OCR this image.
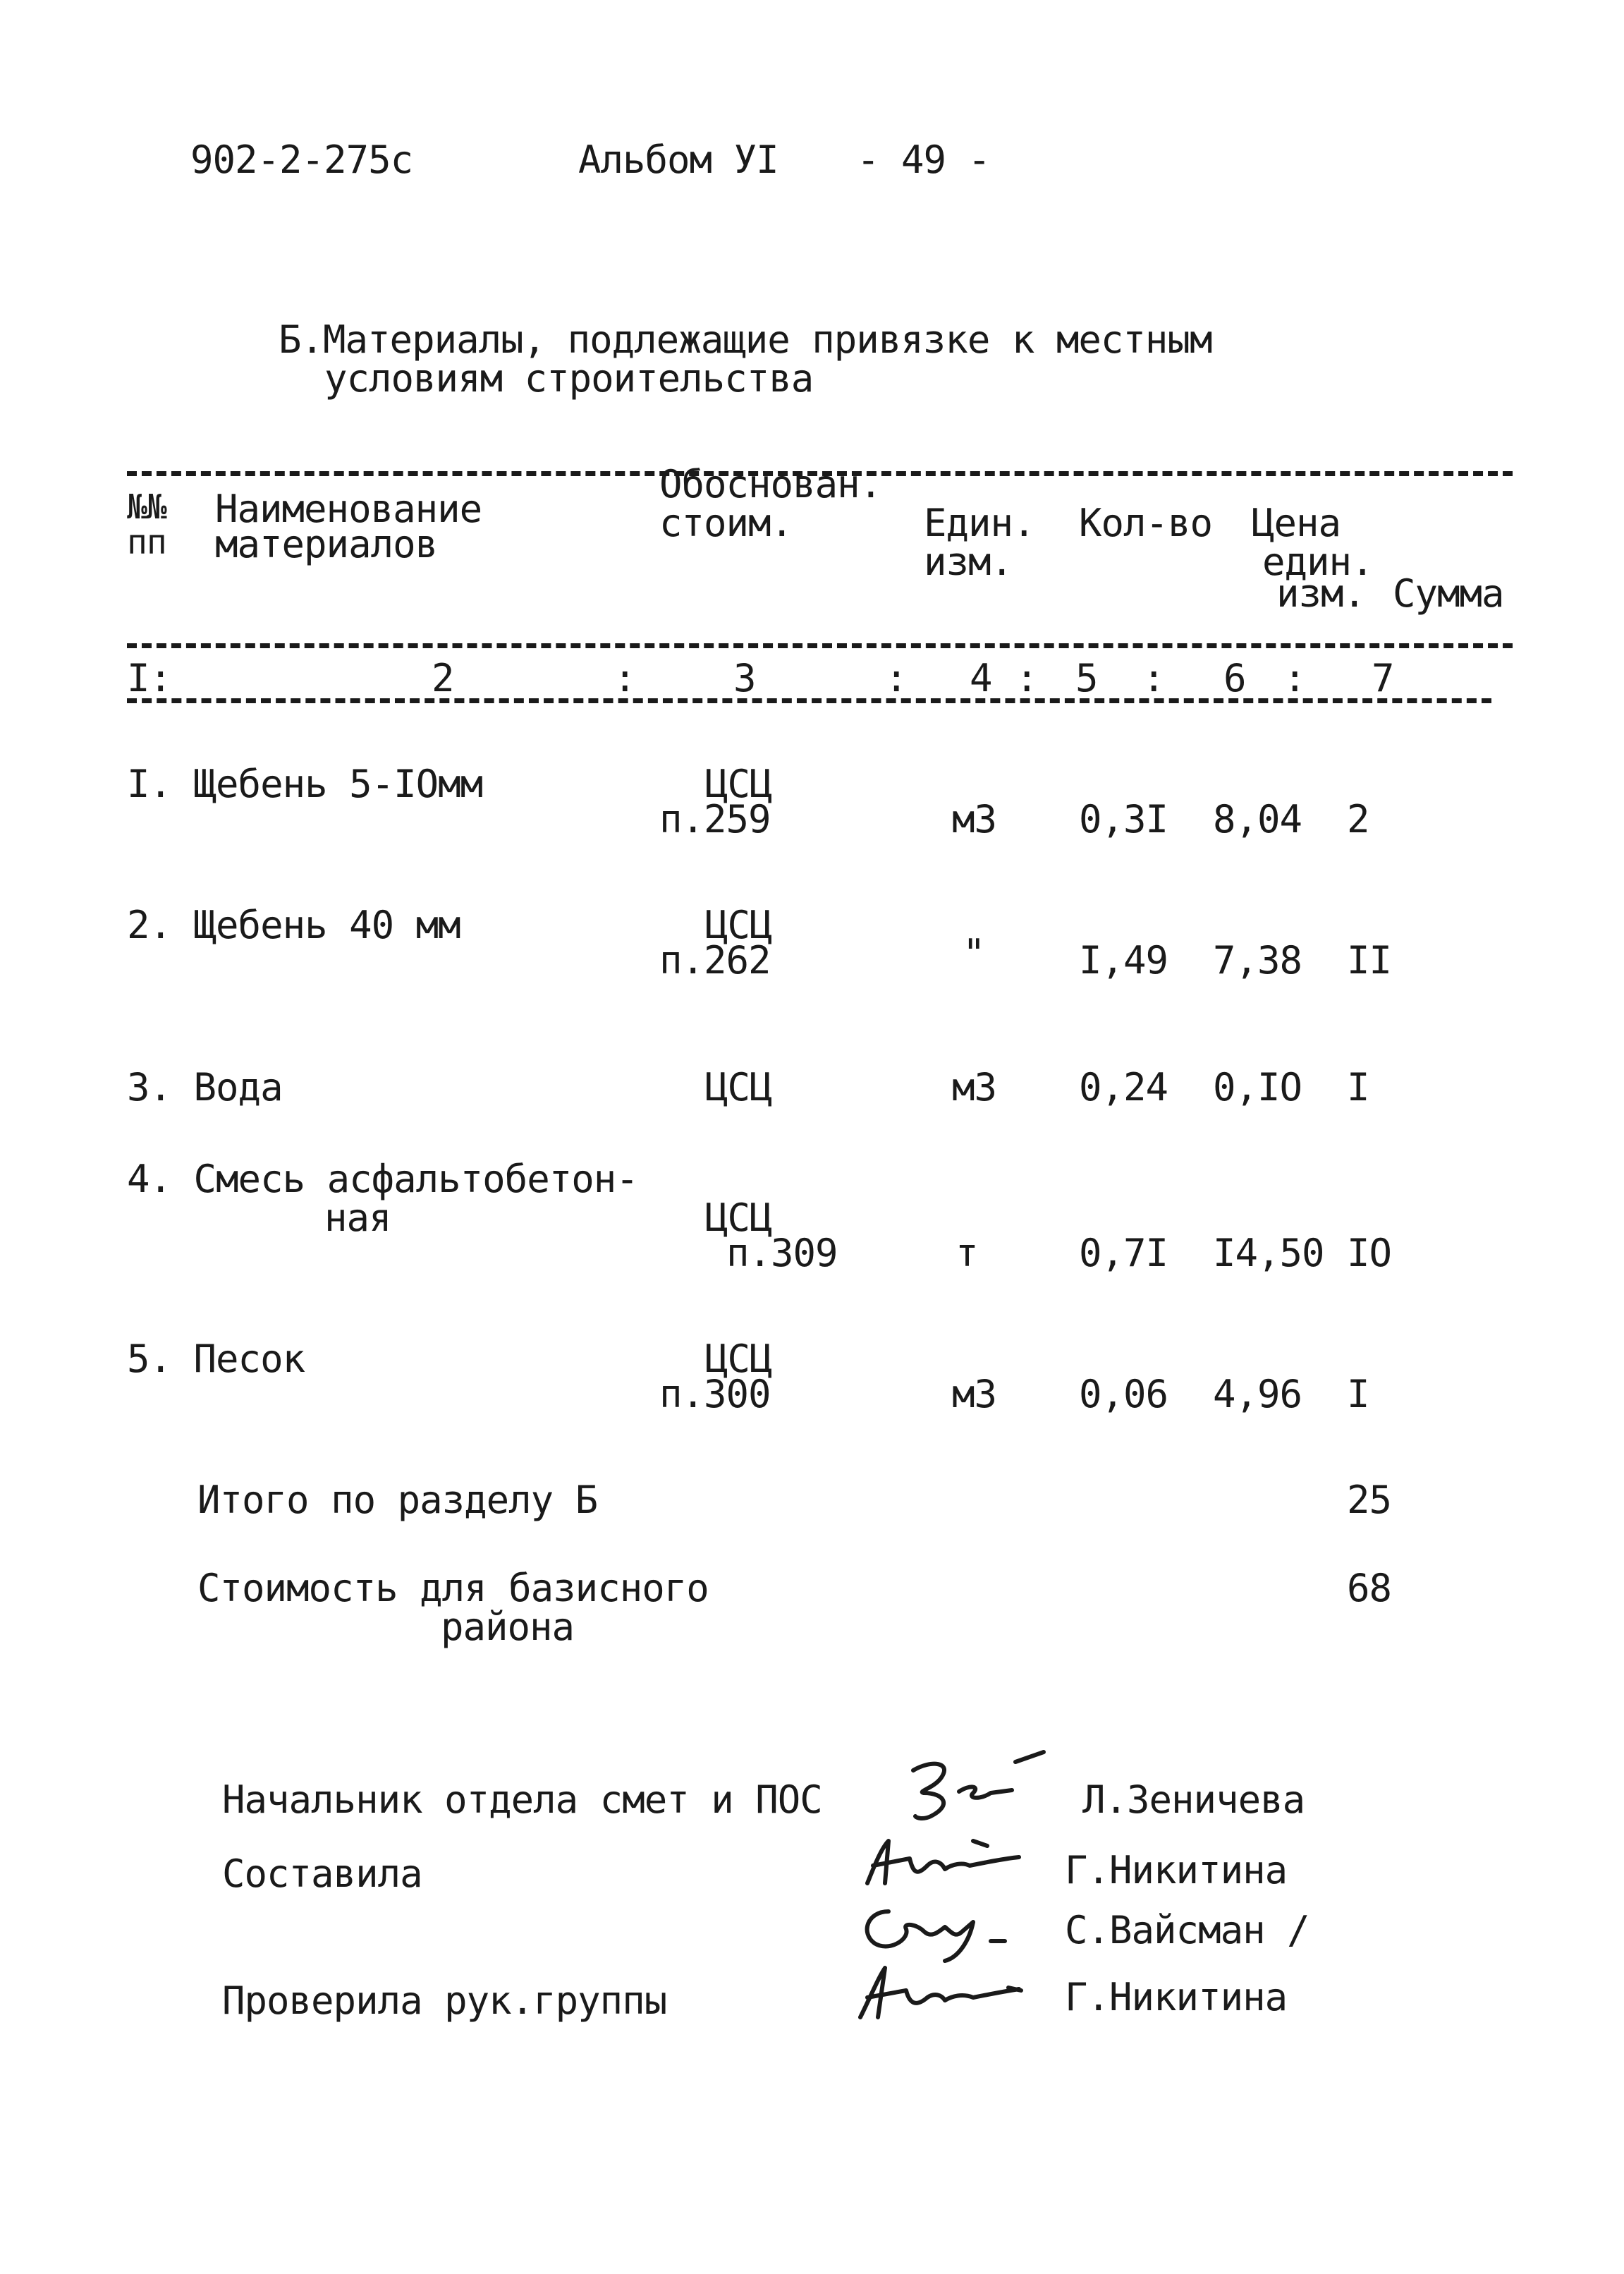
902-2-275с	Альбом УI - 49 -
Б.Материалы, подлежащие привязке к местным
условиям строительства
№№
пп
Наименование
материалов
Обоснован.
стоим.	Един.
изм.
Кол-во Цена
един.
изм. Сумма
I:	2	:	3	: 4 : 5 : 6 : 7
I. Щебень 5-IОмм	ЦСЦ
п.259	м3 0,3I 8,04 2
2. Щебень 40 мм	ЦСЦ
п.262	" I,49 7,38 II
3. Вода	ЦСЦ	м3 0,24 0,IО I
4. Смесь асфальтобетон-
ная	ЦСЦ
п.309	т	0,7I I4,50 IО
5. Песок	ЦСЦ
п.300	м3 0,06 4,96 I
Итого по разделу Б	25
Стоимость для базисного
района
68
Начальник отдела смет и ПОС	Л.Зеничева
Составила	Г.Никитина
С.Вайсман /
Проверила рук.группы	Г.Никитина
